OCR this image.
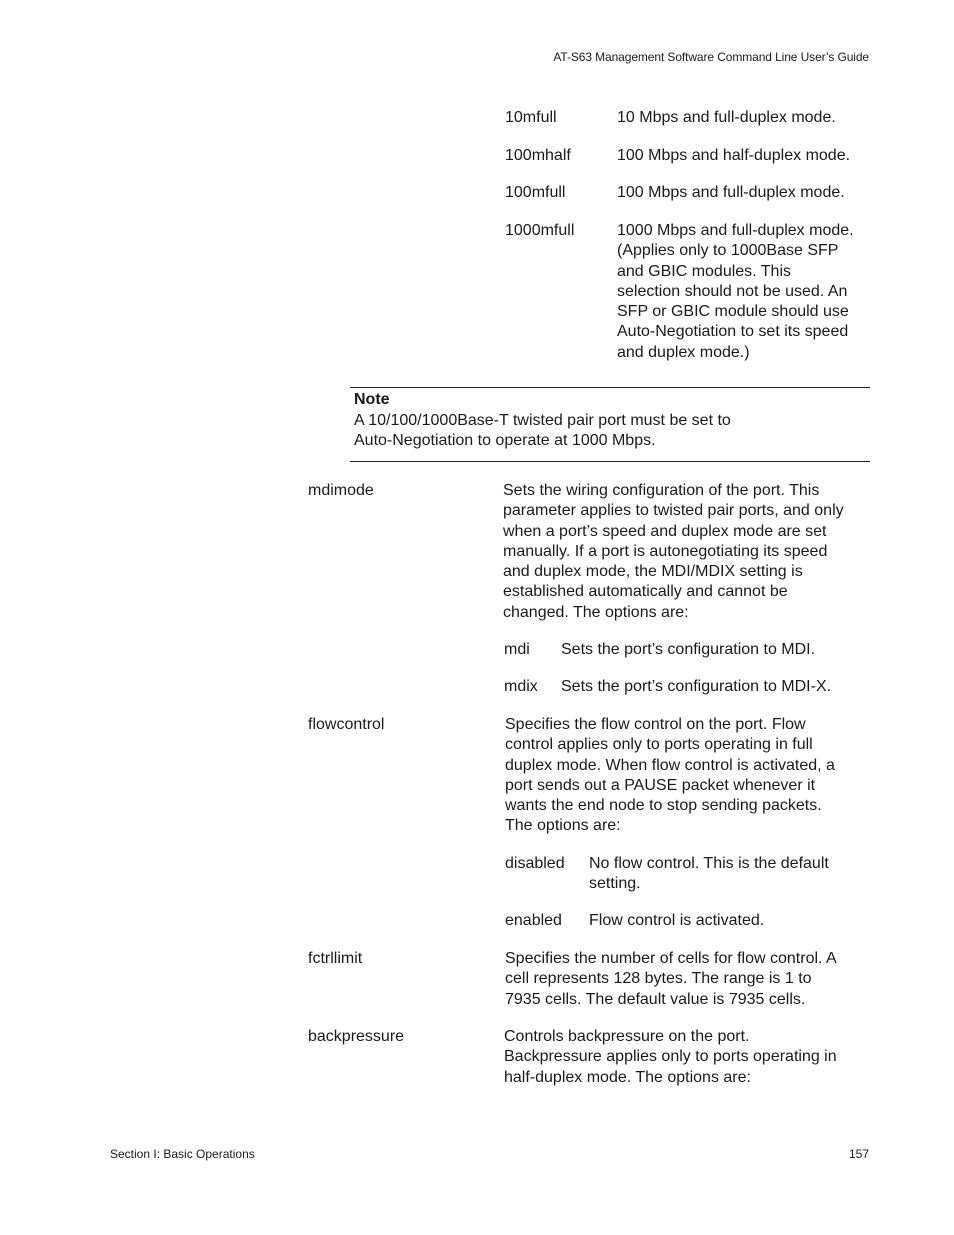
AT-S63 Management Software Command Line User’s Guide
10mfull	10 Mbps and full-duplex mode.
100mhalf	100 Mbps and half-duplex mode.
100mfull	100 Mbps and full-duplex mode.
1000mfull	1000 Mbps and full-duplex mode.
(Applies only to 1000Base SFP
and GBIC modules. This
selection should not be used. An
SFP or GBIC module should use
Auto-Negotiation to set its speed
and duplex mode.)
Note
A 10/100/1000Base-T twisted pair port must be set to
Auto-Negotiation to operate at 1000 Mbps.
mdimode	Sets the wiring configuration of the port. This
parameter applies to twisted pair ports, and only
when a port’s speed and duplex mode are set
manually. If a port is autonegotiating its speed
and duplex mode, the MDI/MDIX setting is
established automatically and cannot be
changed. The options are:
mdi Sets the port’s configuration to MDI.
mdix Sets the port’s configuration to MDI-X.
flowcontrol	Specifies the flow control on the port. Flow
control applies only to ports operating in full
duplex mode. When flow control is activated, a
port sends out a PAUSE packet whenever it
wants the end node to stop sending packets.
The options are:
disabled No flow control. This is the default
setting.
enabled Flow control is activated.
fctrllimit	Specifies the number of cells for flow control. A
cell represents 128 bytes. The range is 1 to
7935 cells. The default value is 7935 cells.
backpressure	Controls backpressure on the port.
Backpressure applies only to ports operating in
half-duplex mode. The options are:
Section I: Basic Operations	157
